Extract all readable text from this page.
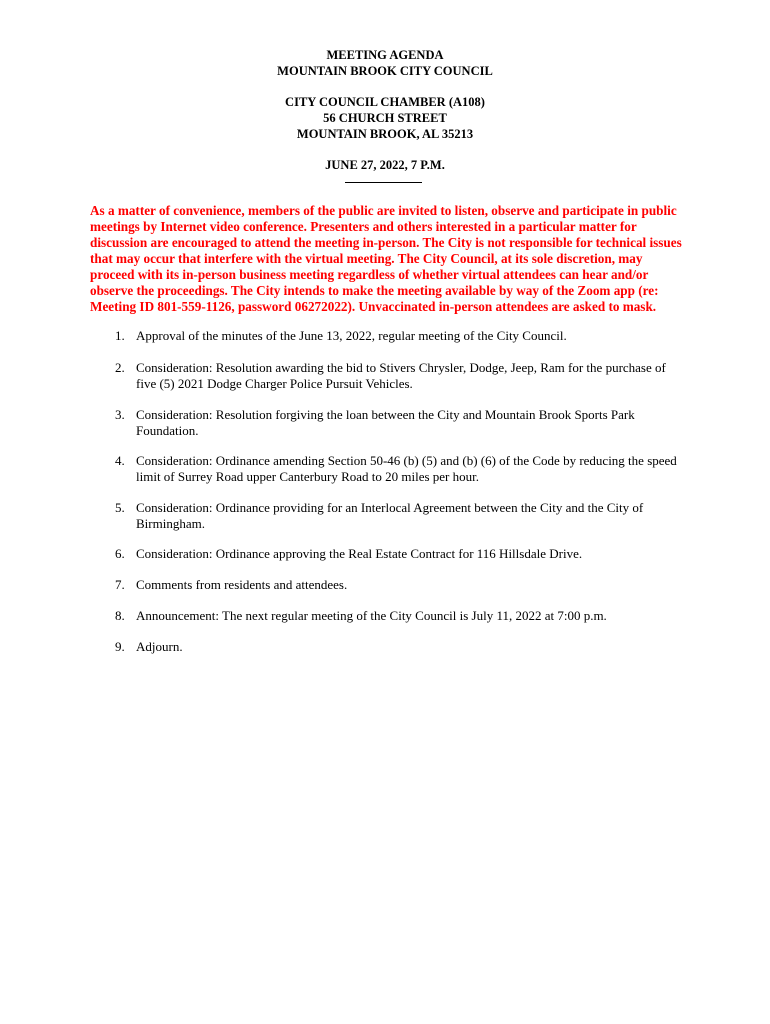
MEETING AGENDA
MOUNTAIN BROOK CITY COUNCIL
CITY COUNCIL CHAMBER (A108)
56 CHURCH STREET
MOUNTAIN BROOK, AL 35213
JUNE 27, 2022, 7 P.M.
As a matter of convenience, members of the public are invited to listen, observe and participate in public meetings by Internet video conference. Presenters and others interested in a particular matter for discussion are encouraged to attend the meeting in-person. The City is not responsible for technical issues that may occur that interfere with the virtual meeting. The City Council, at its sole discretion, may proceed with its in-person business meeting regardless of whether virtual attendees can hear and/or observe the proceedings. The City intends to make the meeting available by way of the Zoom app (re: Meeting ID 801-559-1126, password 06272022). Unvaccinated in-person attendees are asked to mask.
1. Approval of the minutes of the June 13, 2022, regular meeting of the City Council.
2. Consideration: Resolution awarding the bid to Stivers Chrysler, Dodge, Jeep, Ram for the purchase of five (5) 2021 Dodge Charger Police Pursuit Vehicles.
3. Consideration: Resolution forgiving the loan between the City and Mountain Brook Sports Park Foundation.
4. Consideration: Ordinance amending Section 50-46 (b) (5) and (b) (6) of the Code by reducing the speed limit of Surrey Road upper Canterbury Road to 20 miles per hour.
5. Consideration: Ordinance providing for an Interlocal Agreement between the City and the City of Birmingham.
6. Consideration: Ordinance approving the Real Estate Contract for 116 Hillsdale Drive.
7. Comments from residents and attendees.
8. Announcement: The next regular meeting of the City Council is July 11, 2022 at 7:00 p.m.
9. Adjourn.
